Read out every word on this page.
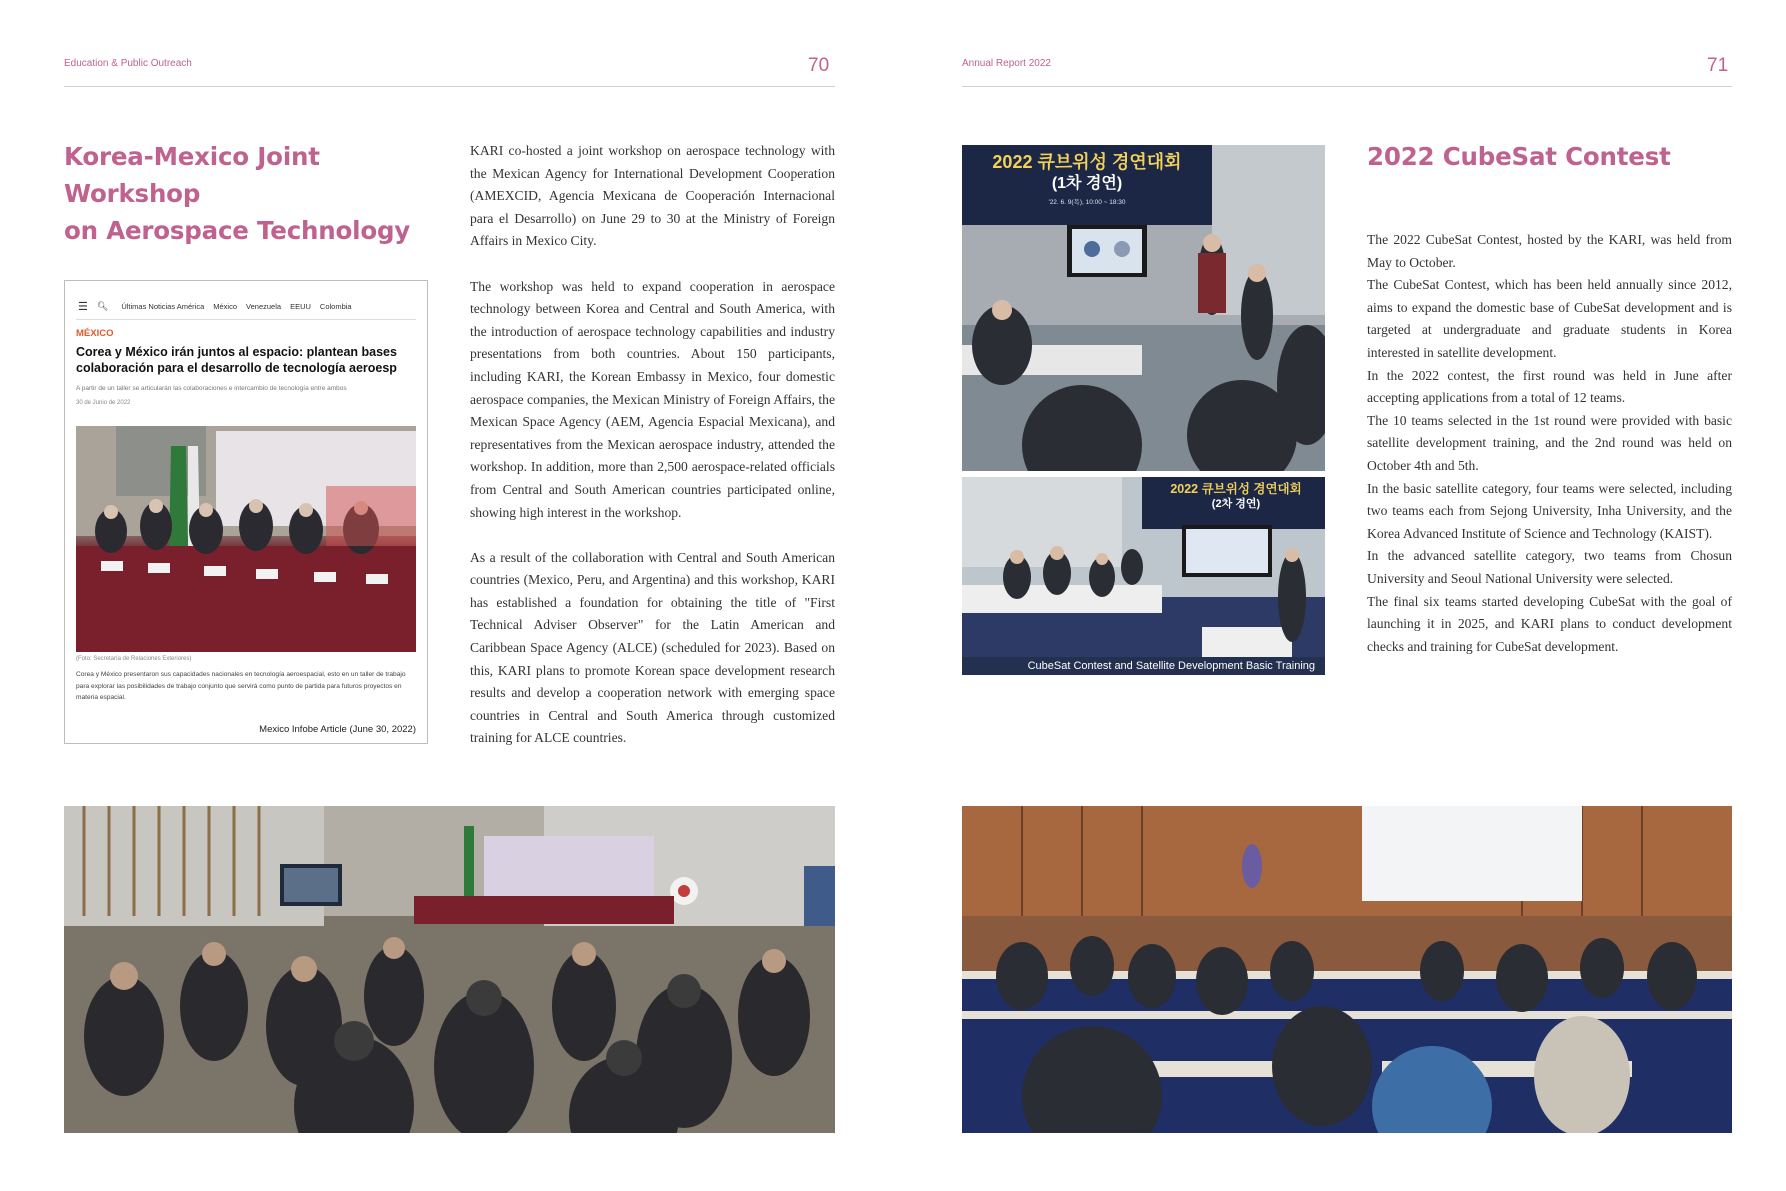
Education & Public Outreach	70
Korea-Mexico Joint Workshop
on Aerospace Technology

KARI co-hosted a joint workshop on aerospace technology with the Mexican Agency for International Development Cooperation (AMEXCID, Agencia Mexicana de Cooperación Internacional para el Desarrollo) on June 29 to 30 at the Ministry of Foreign Affairs in Mexico City.

The workshop was held to expand cooperation in aerospace technology between Korea and Central and South America, with the introduction of aerospace technology capabilities and industry presentations from both countries. About 150 participants, including KARI, the Korean Embassy in Mexico, four domestic aerospace companies, the Mexican Ministry of Foreign Affairs, the Mexican Space Agency (AEM, Agencia Espacial Mexicana), and representatives from the Mexican aerospace industry, attended the workshop. In addition, more than 2,500 aerospace-related officials from Central and South American countries participated online, showing high interest in the workshop.

As a result of the collaboration with Central and South American countries (Mexico, Peru, and Argentina) and this workshop, KARI has established a foundation for obtaining the title of "First Technical Adviser Observer" for the Latin American and Caribbean Space Agency (ALCE) (scheduled for 2023). Based on this, KARI plans to promote Korean space development research results and develop a cooperation network with emerging space countries in Central and South America through customized training for ALCE countries.

☰ 🔍︎ Últimas Noticias América México Venezuela EEUU Colombia
MÉXICO
Corea y México irán juntos al espacio: plantean bases colaboración para el desarrollo de tecnología aeroesp
A partir de un taller se articularán las colaboraciones e intercambio de tecnología entre ambos
30 de Junio de 2022
(Foto: Secretaría de Relaciones Exteriores)
Corea y México presentaron sus capacidades nacionales en tecnología aeroespacial, esto en un taller de trabajo para explorar las posibilidades de trabajo conjunto que servirá como punto de partida para futuros proyectos en materia espacial.
Mexico Infobe Article (June 30, 2022)
Annual Report 2022	71
2022 큐브위성 경연대회
(1차 경연)
'22. 6. 9(목), 10:00 ~ 18:30
2022 큐브위성 경연대회
(2차 경연)
CubeSat Contest and Satellite Development Basic Training
2022 CubeSat Contest

The 2022 CubeSat Contest, hosted by the KARI, was held from May to October.

The CubeSat Contest, which has been held annually since 2012, aims to expand the domestic base of CubeSat development and is targeted at undergraduate and graduate students in Korea interested in satellite development.

In the 2022 contest, the first round was held in June after accepting applications from a total of 12 teams.

The 10 teams selected in the 1st round were provided with basic satellite development training, and the 2nd round was held on October 4th and 5th.

In the basic satellite category, four teams were selected, including two teams each from Sejong University, Inha University, and the Korea Advanced Institute of Science and Technology (KAIST).

In the advanced satellite category, two teams from Chosun University and Seoul National University were selected.

The final six teams started developing CubeSat with the goal of launching it in 2025, and KARI plans to conduct development checks and training for CubeSat development.
